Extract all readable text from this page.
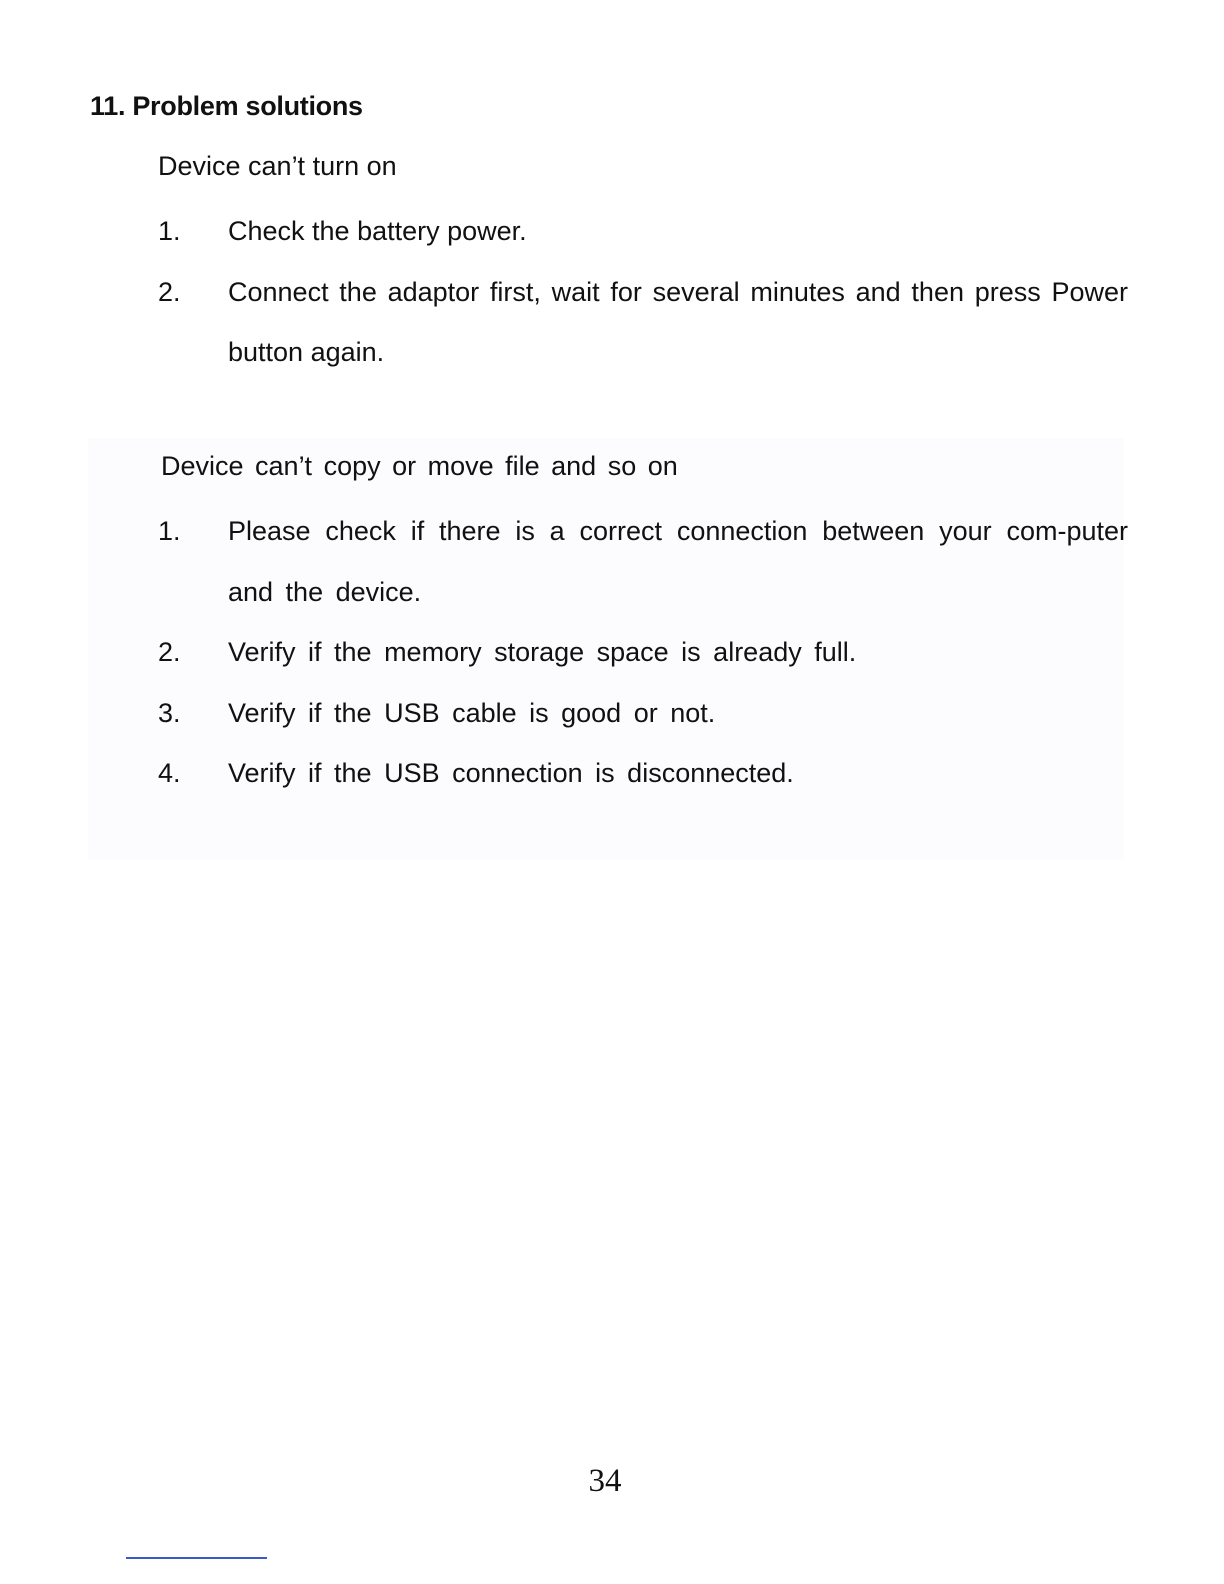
11. Problem solutions
Device can’t turn on
1. Check the battery power.
2. Connect the adaptor first, wait for several minutes and then press Power button again.
Device can’t copy or move file and so on
1. Please check if there is a correct connection between your com-puter and the device.
2. Verify if the memory storage space is already full.
3. Verify if the USB cable is good or not.
4. Verify if the USB connection is disconnected.
34
